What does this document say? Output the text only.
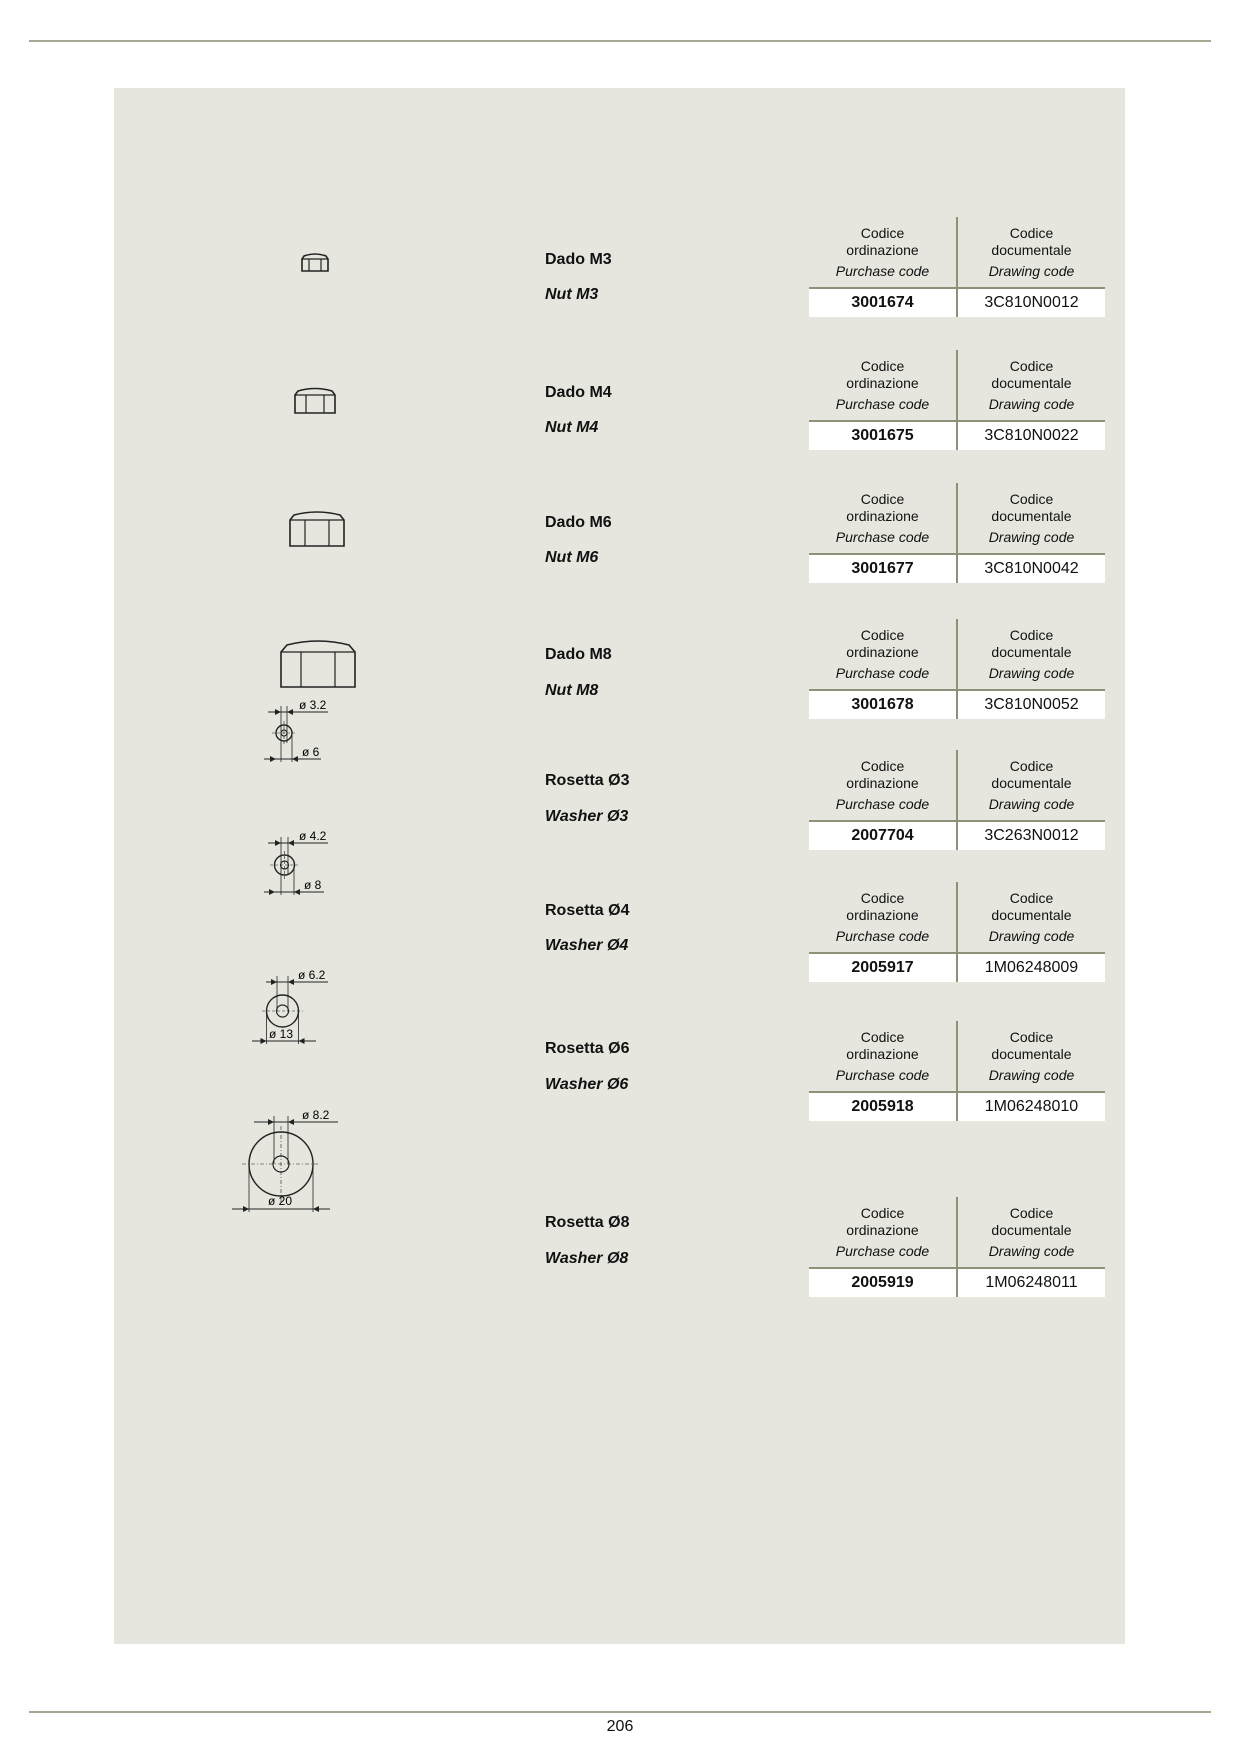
Dado M3
Nut M3
Codice
ordinazione
Purchase code
Codice
documentale
Drawing code
3001674	3C810N0012
Dado M4
Nut M4
Codice
ordinazione
Purchase code
Codice
documentale
Drawing code
3001675	3C810N0022
Dado M6
Nut M6
Codice
ordinazione
Purchase code
Codice
documentale
Drawing code
3001677	3C810N0042
Dado M8
Nut M8
Codice
ordinazione
Purchase code
Codice
documentale
Drawing code
3001678	3C810N0052
ø 3.2
ø 6
Rosetta Ø3
Washer Ø3
Codice
ordinazione
Purchase code
Codice
documentale
Drawing code
2007704	3C263N0012
ø 4.2
ø 8
Rosetta Ø4
Washer Ø4
Codice
ordinazione
Purchase code
Codice
documentale
Drawing code
2005917	1M06248009
ø 6.2
ø 13
Rosetta Ø6
Washer Ø6
Codice
ordinazione
Purchase code
Codice
documentale
Drawing code
2005918	1M06248010
ø 8.2
ø 20
Rosetta Ø8
Washer Ø8
Codice
ordinazione
Purchase code
Codice
documentale
Drawing code
2005919	1M06248011
206
